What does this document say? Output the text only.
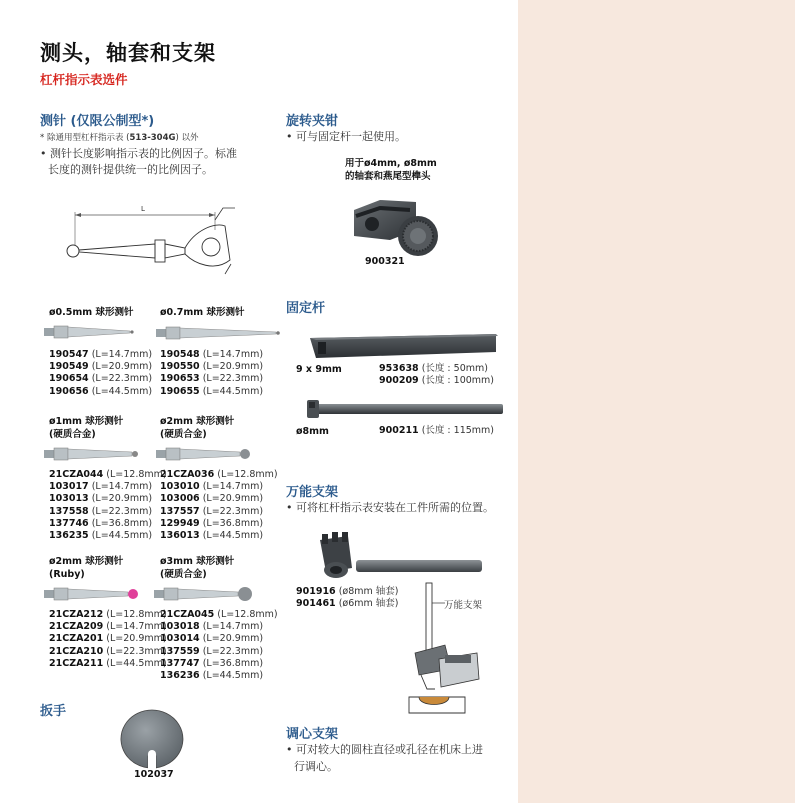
测头，轴套和支架
杠杆指示表选件
测针 (仅限公制型*)
* 除通用型杠杆指示表 (513-304G) 以外
• 测针长度影响指示表的比例因子。标准
长度的测针提供统一的比例因子。
L
ø0.5mm 球形测针
190547 (L=14.7mm)
190549 (L=20.9mm)
190654 (L=22.3mm)
190656 (L=44.5mm)
ø0.7mm 球形测针
190548 (L=14.7mm)
190550 (L=20.9mm)
190653 (L=22.3mm)
190655 (L=44.5mm)
ø1mm 球形测针
(硬质合金)
21CZA044 (L=12.8mm)
103017 (L=14.7mm)
103013 (L=20.9mm)
137558 (L=22.3mm)
137746 (L=36.8mm)
136235 (L=44.5mm)
ø2mm 球形测针
(硬质合金)
21CZA036 (L=12.8mm)
103010 (L=14.7mm)
103006 (L=20.9mm)
137557 (L=22.3mm)
129949 (L=36.8mm)
136013 (L=44.5mm)
ø2mm 球形测针
(Ruby)
21CZA212 (L=12.8mm)
21CZA209 (L=14.7mm)
21CZA201 (L=20.9mm)
21CZA210 (L=22.3mm)
21CZA211 (L=44.5mm)
ø3mm 球形测针
(硬质合金)
21CZA045 (L=12.8mm)
103018 (L=14.7mm)
103014 (L=20.9mm)
137559 (L=22.3mm)
137747 (L=36.8mm)
136236 (L=44.5mm)
扳手
102037
旋转夹钳
• 可与固定杆一起使用。
用于ø4mm, ø8mm
的轴套和燕尾型榫头
900321
固定杆
9 x 9mm	953638 (长度 : 50mm)
900209 (长度 : 100mm)
ø8mm	900211 (长度 : 115mm)
万能支架
• 可将杠杆指示表安装在工件所需的位置。
901916 (ø8mm 轴套)
901461 (ø6mm 轴套)	万能支架
调心支架
• 可对较大的圆柱直径或孔径在机床上进
行调心。
